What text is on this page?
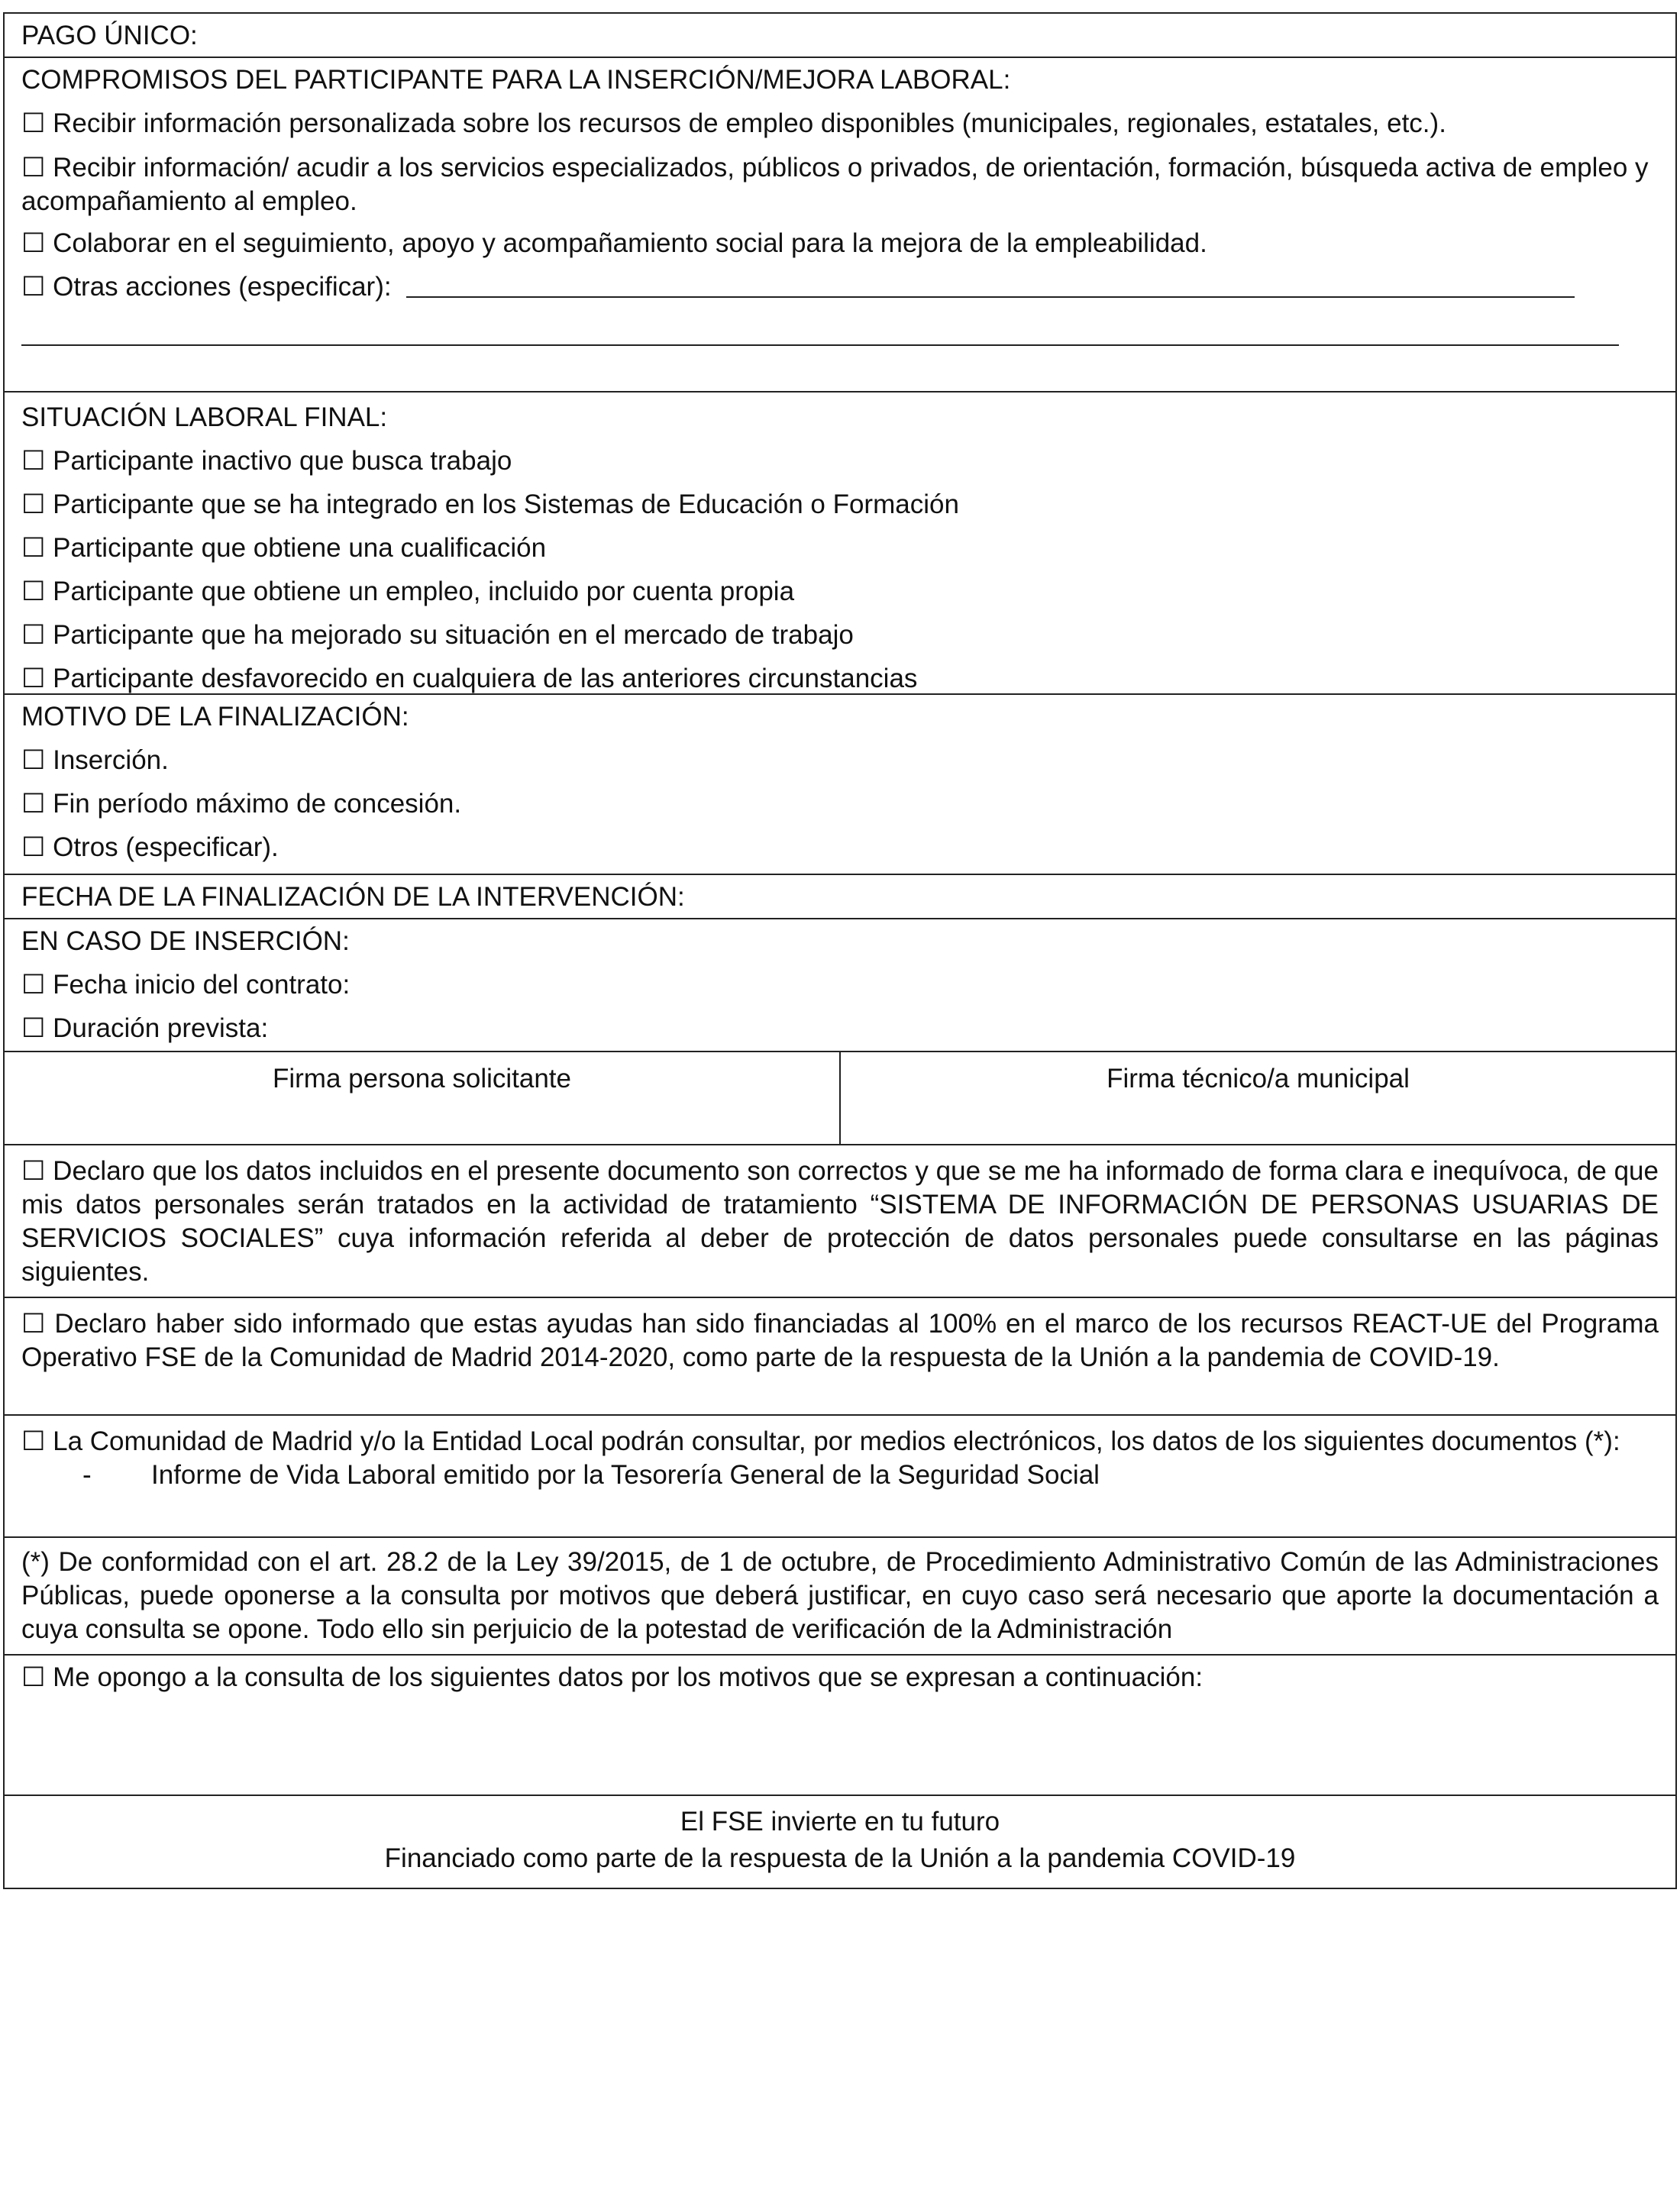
PAGO ÚNICO:
COMPROMISOS DEL PARTICIPANTE PARA LA INSERCIÓN/MEJORA LABORAL:
☐ Recibir información personalizada sobre los recursos de empleo disponibles (municipales, regionales, estatales, etc.).
☐ Recibir información/ acudir a los servicios especializados, públicos o privados, de orientación, formación, búsqueda activa de empleo y acompañamiento al empleo.
☐ Colaborar en el seguimiento, apoyo y acompañamiento social para la mejora de la empleabilidad.
☐ Otras acciones (especificar):
SITUACIÓN LABORAL FINAL:
☐ Participante inactivo que busca trabajo
☐ Participante que se ha integrado en los Sistemas de Educación o Formación
☐ Participante que obtiene una cualificación
☐ Participante que obtiene un empleo, incluido por cuenta propia
☐ Participante que ha mejorado su situación en el mercado de trabajo
☐ Participante desfavorecido en cualquiera de las anteriores circunstancias
MOTIVO DE LA FINALIZACIÓN:
☐ Inserción.
☐ Fin período máximo de concesión.
☐ Otros (especificar).
FECHA DE LA FINALIZACIÓN DE LA INTERVENCIÓN:
EN CASO DE INSERCIÓN:
☐ Fecha inicio del contrato:
☐ Duración prevista:
Firma persona solicitante	Firma técnico/a municipal

☐ Declaro que los datos incluidos en el presente documento son correctos y que se me ha informado de forma clara e inequívoca, de que mis datos personales serán tratados en la actividad de tratamiento “SISTEMA DE INFORMACIÓN DE PERSONAS USUARIAS DE SERVICIOS SOCIALES” cuya información referida al deber de protección de datos personales puede consultarse en las páginas siguientes.

☐ Declaro haber sido informado que estas ayudas han sido financiadas al 100% en el marco de los recursos REACT-UE del Programa Operativo FSE de la Comunidad de Madrid 2014-2020, como parte de la respuesta de la Unión a la pandemia de COVID-19.

☐ La Comunidad de Madrid y/o la Entidad Local podrán consultar, por medios electrónicos, los datos de los siguientes documentos (*):

- Informe de Vida Laboral emitido por la Tesorería General de la Seguridad Social

(*) De conformidad con el art. 28.2 de la Ley 39/2015, de 1 de octubre, de Procedimiento Administrativo Común de las Administraciones Públicas, puede oponerse a la consulta por motivos que deberá justificar, en cuyo caso será necesario que aporte la documentación a cuya consulta se opone. Todo ello sin perjuicio de la potestad de verificación de la Administración

☐ Me opongo a la consulta de los siguientes datos por los motivos que se expresan a continuación:
El FSE invierte en tu futuro
Financiado como parte de la respuesta de la Unión a la pandemia COVID-19
